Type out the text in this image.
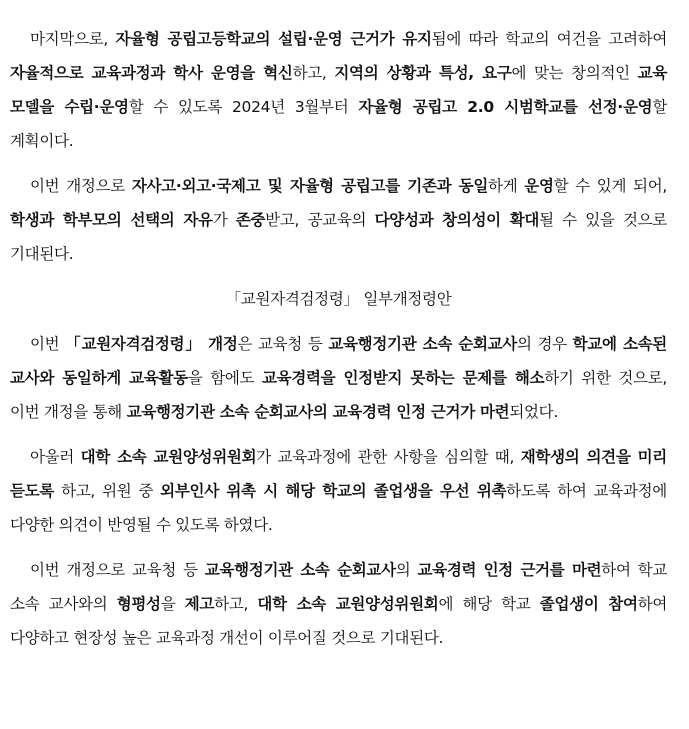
마지막으로, 자율형 공립고등학교의 설립·운영 근거가 유지됨에 따라 학교의 여건을 고려하여 자율적으로 교육과정과 학사 운영을 혁신하고, 지역의 상황과 특성, 요구에 맞는 창의적인 교육 모델을 수립·운영할 수 있도록 2024년 3월부터 자율형 공립고 2.0 시범학교를 선정·운영할 계획이다.

이번 개정으로 자사고·외고·국제고 및 자율형 공립고를 기존과 동일하게 운영할 수 있게 되어, 학생과 학부모의 선택의 자유가 존중받고, 공교육의 다양성과 창의성이 확대될 수 있을 것으로 기대된다.

「교원자격검정령」 일부개정령안

이번 「교원자격검정령」 개정은 교육청 등 교육행정기관 소속 순회교사의 경우 학교에 소속된 교사와 동일하게 교육활동을 함에도 교육경력을 인정받지 못하는 문제를 해소하기 위한 것으로, 이번 개정을 통해 교육행정기관 소속 순회교사의 교육경력 인정 근거가 마련되었다.

아울러 대학 소속 교원양성위원회가 교육과정에 관한 사항을 심의할 때, 재학생의 의견을 미리 듣도록 하고, 위원 중 외부인사 위촉 시 해당 학교의 졸업생을 우선 위촉하도록 하여 교육과정에 다양한 의견이 반영될 수 있도록 하였다.

이번 개정으로 교육청 등 교육행정기관 소속 순회교사의 교육경력 인정 근거를 마련하여 학교 소속 교사와의 형평성을 제고하고, 대학 소속 교원양성위원회에 해당 학교 졸업생이 참여하여 다양하고 현장성 높은 교육과정 개선이 이루어질 것으로 기대된다.
